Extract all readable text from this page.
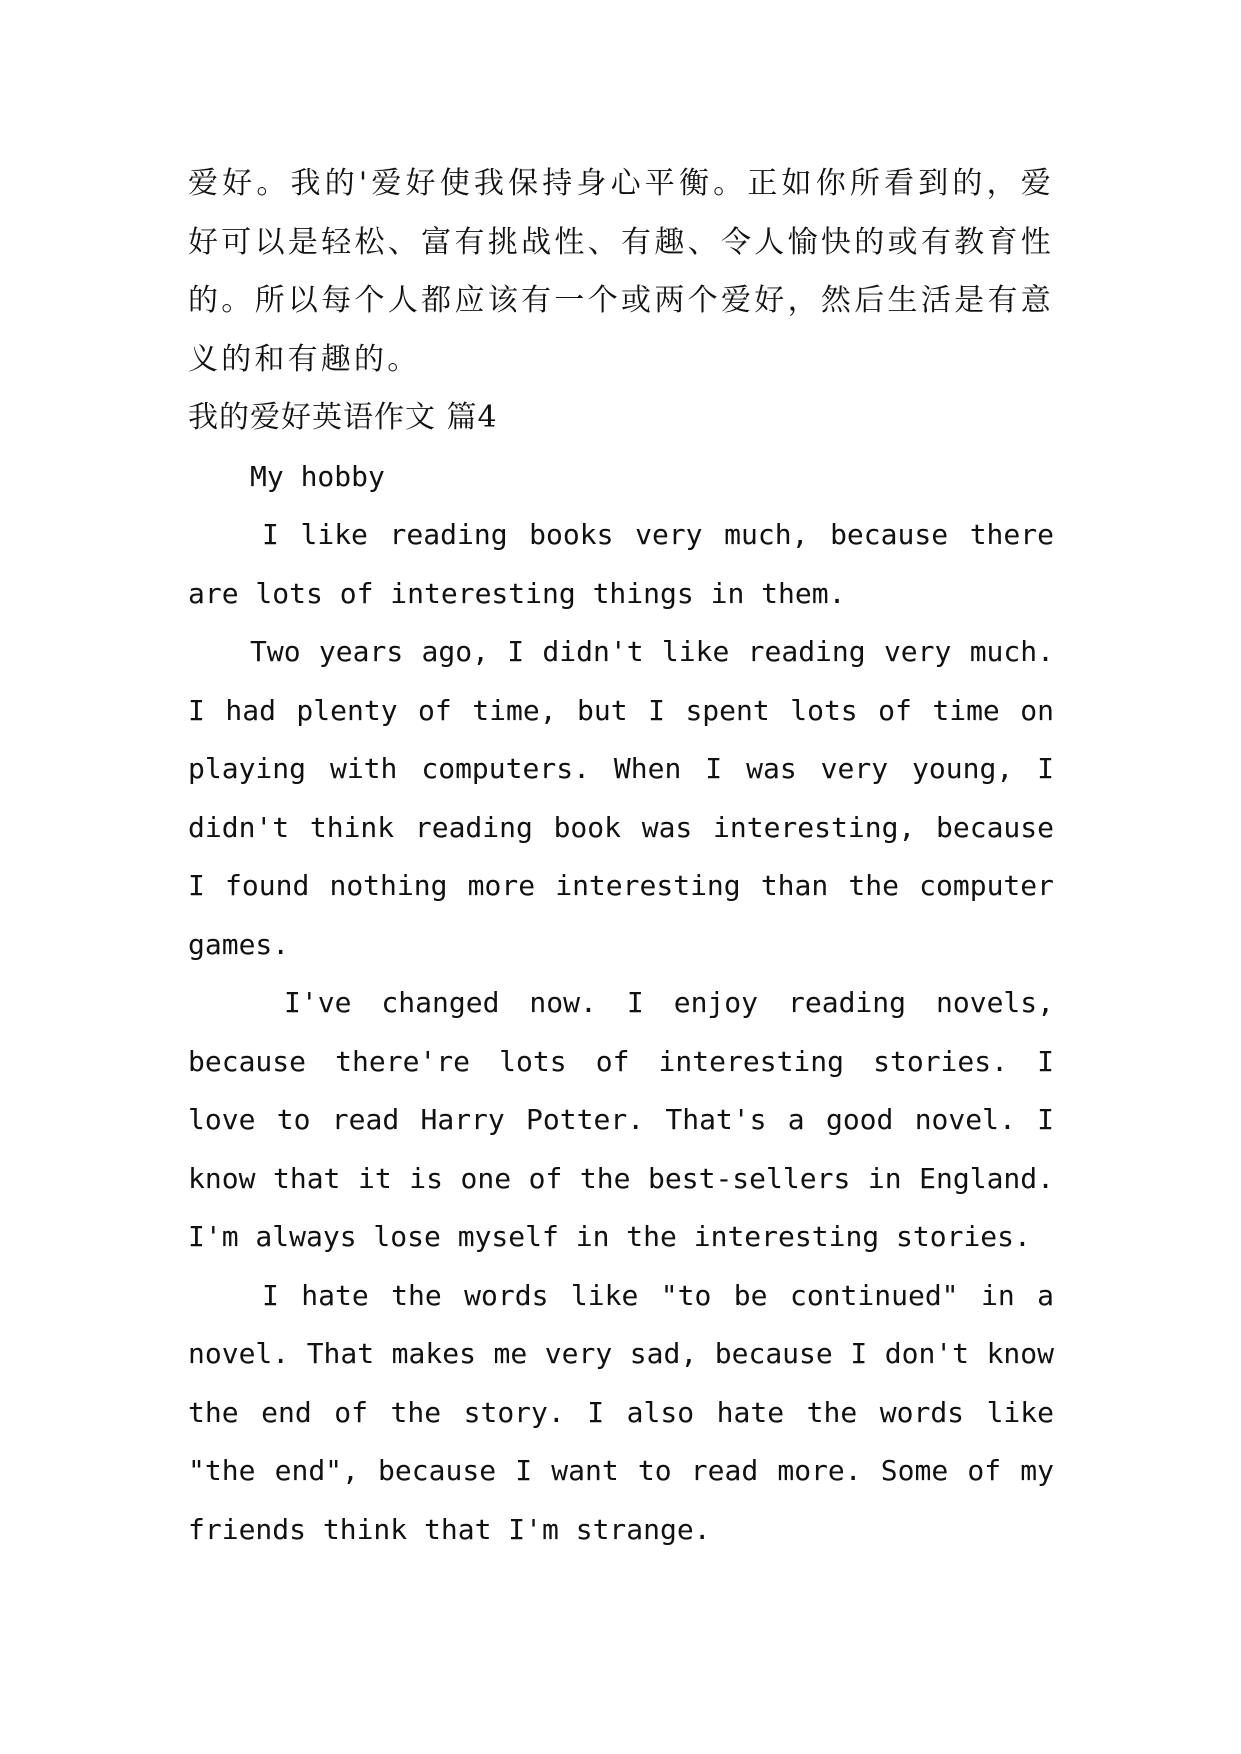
爱好。我的'爱好使我保持身心平衡。正如你所看到的，爱
好可以是轻松、富有挑战性、有趣、令人愉快的或有教育性
的。所以每个人都应该有一个或两个爱好，然后生活是有意
义的和有趣的。
我的爱好英语作文 篇4
My hobby
I like reading books very much, because there
are lots of interesting things in them.
Two years ago, I didn't like reading very much.
I had plenty of time, but I spent lots of time on
playing with computers. When I was very young, I
didn't think reading book was interesting, because
I found nothing more interesting than the computer
games.
I've changed now. I enjoy reading novels,
because there're lots of interesting stories. I
love to read Harry Potter. That's a good novel. I
know that it is one of the best-sellers in England.
I'm always lose myself in the interesting stories.
I hate the words like "to be continued" in a
novel. That makes me very sad, because I don't know
the end of the story. I also hate the words like
"the end", because I want to read more. Some of my
friends think that I'm strange.
